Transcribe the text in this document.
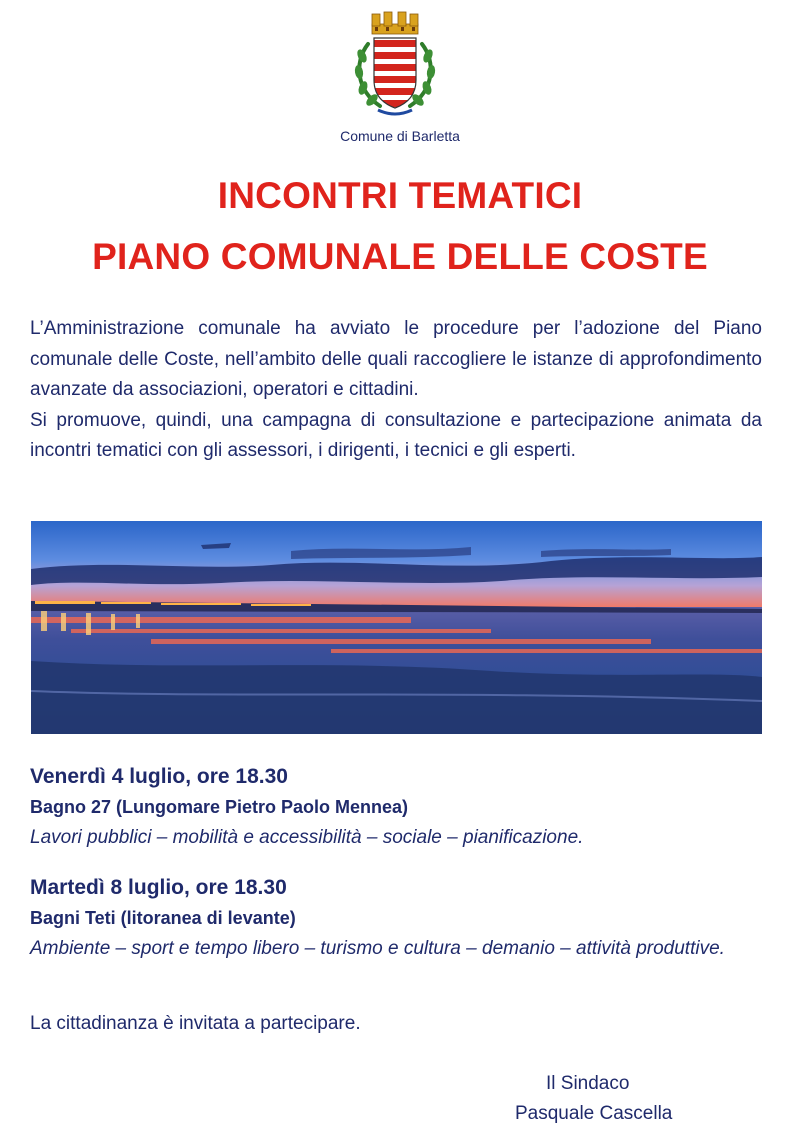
Comune di Barletta
INCONTRI TEMATICI
PIANO COMUNALE DELLE COSTE

L’Amministrazione comunale ha avviato le procedure per l’adozione del Piano comunale delle Coste, nell’ambito delle quali raccogliere le istanze di approfondimento avanzate da associazioni, operatori e cittadini.

Si promuove, quindi, una campagna di consultazione e partecipazione animata da incontri tematici con gli assessori, i dirigenti, i tecnici e gli esperti.

Venerdì 4 luglio, ore 18.30
Bagno 27 (Lungomare Pietro Paolo Mennea)
Lavori pubblici – mobilità e accessibilità – sociale – pianificazione.
Martedì 8 luglio, ore 18.30
Bagni Teti (litoranea di levante)
Ambiente – sport e tempo libero – turismo e cultura – demanio – attività produttive.
La cittadinanza è invitata a partecipare.
Il Sindaco
Pasquale Cascella
